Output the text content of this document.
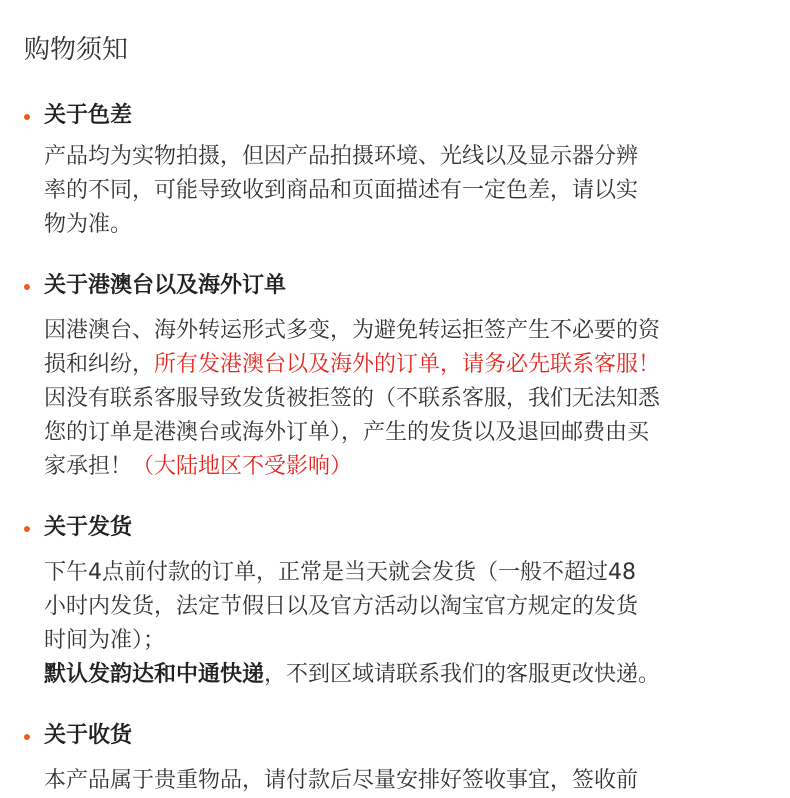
购物须知
关于色差
产品均为实物拍摄，但因产品拍摄环境、光线以及显示器分辨
率的不同，可能导致收到商品和页面描述有一定色差，请以实
物为准。
关于港澳台以及海外订单
因港澳台、海外转运形式多变，为避免转运拒签产生不必要的资
损和纠纷，所有发港澳台以及海外的订单，请务必先联系客服！
因没有联系客服导致发货被拒签的（不联系客服，我们无法知悉
您的订单是港澳台或海外订单），产生的发货以及退回邮费由买
家承担！（大陆地区不受影响）
关于发货
下午4点前付款的订单，正常是当天就会发货（一般不超过48
小时内发货，法定节假日以及官方活动以淘宝官方规定的发货
时间为准）；
默认发韵达和中通快递，不到区域请联系我们的客服更改快递。
关于收货
本产品属于贵重物品，请付款后尽量安排好签收事宜，签收前
